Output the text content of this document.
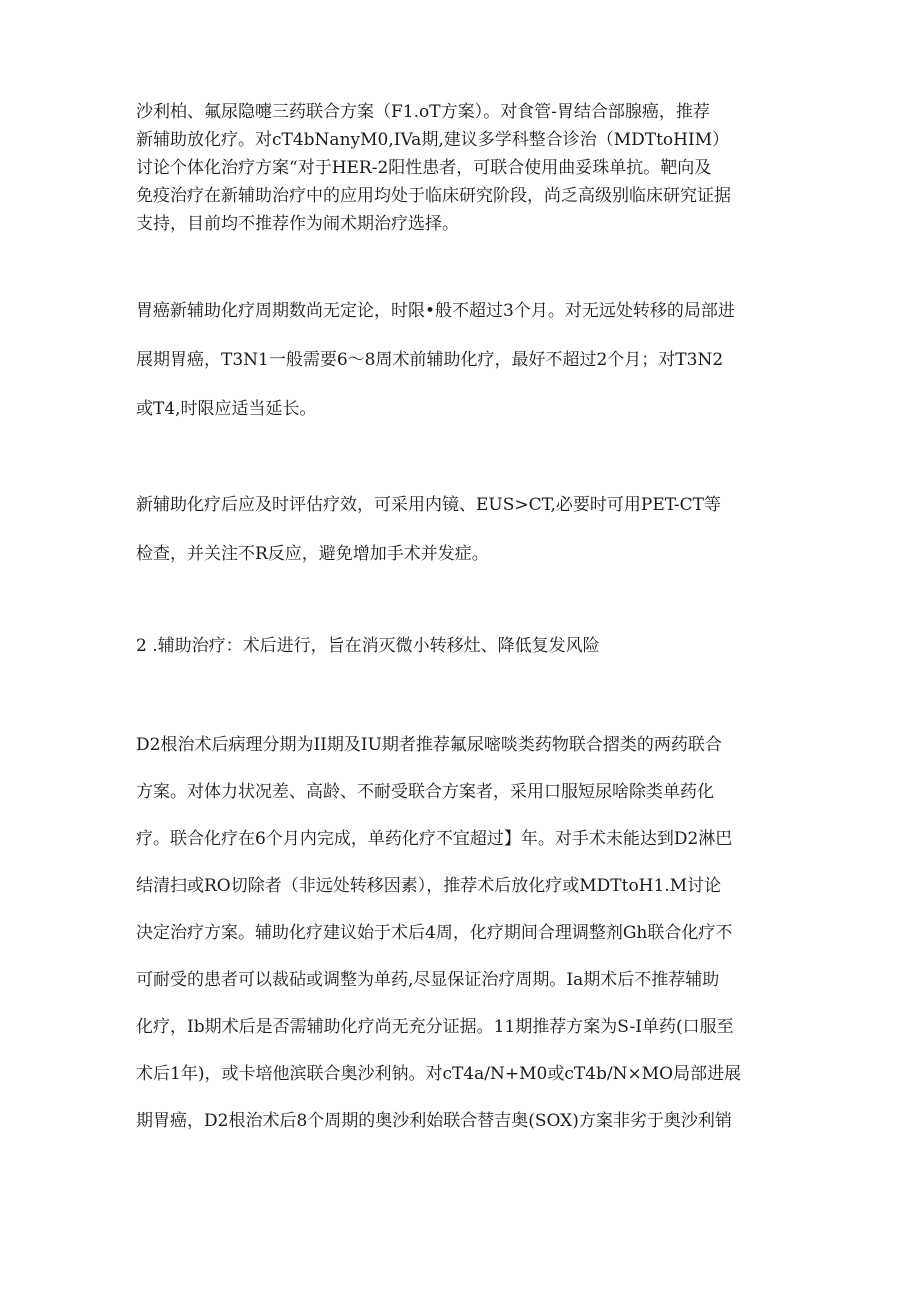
沙利柏、氟尿隐嚏三药联合方案（F1.oT方案）。对食管-胃结合部腺癌，推荐
新辅助放化疗。对cT4bNanyM0,IVa期,建议多学科整合诊治（MDTtoHIM）
讨论个体化治疗方案“对于HER-2阳性患者，可联合使用曲妥珠单抗。靶向及
免疫治疗在新辅助治疗中的应用均处于临床研究阶段，尚乏高级别临床研究证据
支持，目前均不推荐作为闹术期治疗选择。
胃癌新辅助化疗周期数尚无定论，时限•般不超过3个月。对无远处转移的局部进
展期胃癌，T3N1一般需要6～8周术前辅助化疗，最好不超过2个月；对T3N2
或T4,时限应适当延长。
新辅助化疗后应及时评估疗效，可采用内镜、EUS>CT,必要时可用PET-CT等
检查，并关注不R反应，避免增加手术并发症。
2 .辅助治疗：术后进行，旨在消灭微小转移灶、降低复发风险
D2根治术后病理分期为II期及IU期者推荐氟尿嘧啖类药物联合摺类的两药联合
方案。对体力状况差、高龄、不耐受联合方案者，采用口服短尿啥除类单药化
疗。联合化疗在6个月内完成，单药化疗不宜超过】年。对手术未能达到D2淋巴
结清扫或RO切除者（非远处转移因素），推荐术后放化疗或MDTtoH1.M讨论
决定治疗方案。辅助化疗建议始于术后4周，化疗期间合理调整剂Gh联合化疗不
可耐受的患者可以裁砧或调整为单药,尽显保证治疗周期。Ia期术后不推荐辅助
化疗，Ib期术后是否需辅助化疗尚无充分证据。11期推荐方案为S-I单药(口服至
术后1年)，或卡培他滨联合奥沙利钠。对cT4a/N+M0或cT4b/N×MO局部进展
期胃癌，D2根治术后8个周期的奥沙利始联合替吉奥(SOX)方案非劣于奥沙利销
